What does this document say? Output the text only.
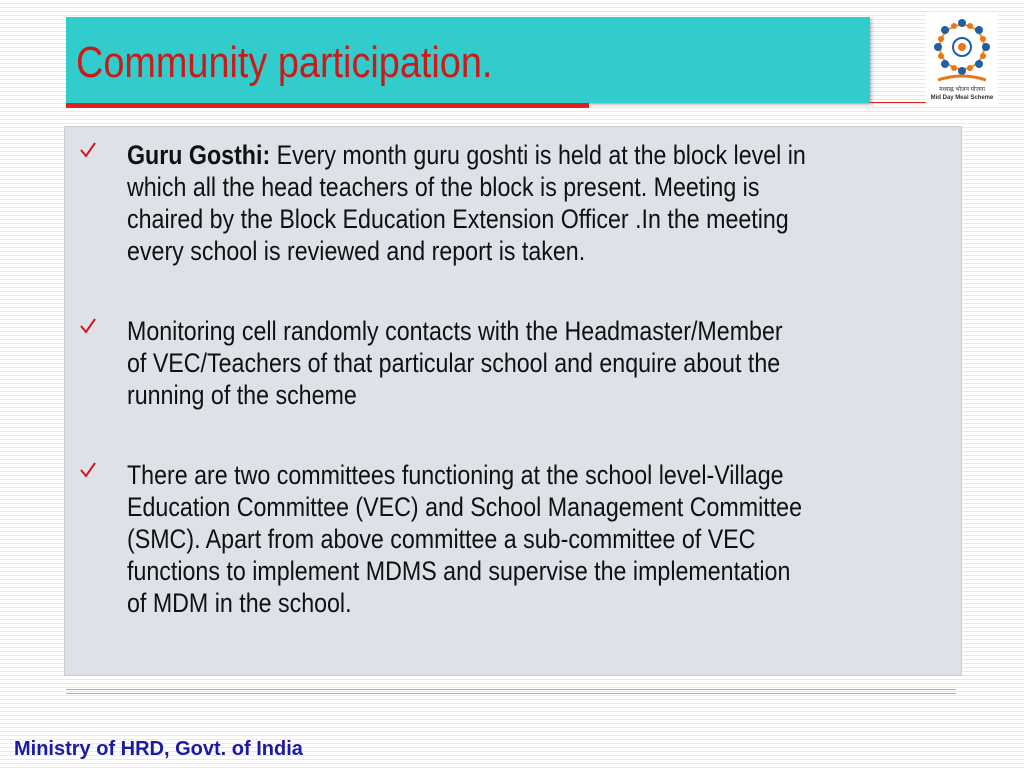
Community participation.
मध्याह्न भोजन योजना
Mid Day Meal Scheme
Guru Gosthi: Every month guru goshti is held at the block level in
which all the head teachers of the block is present. Meeting is
chaired by the Block Education Extension Officer .In the meeting
every school is reviewed and report is taken.
Monitoring cell randomly contacts with the Headmaster/Member
of VEC/Teachers of that particular school and enquire about the
running of the scheme
There are two committees functioning at the school level-Village
Education Committee (VEC) and School Management Committee
(SMC). Apart from above committee a sub-committee of VEC
functions to implement MDMS and supervise the implementation
of MDM in the school.

Ministry of HRD, Govt. of India
